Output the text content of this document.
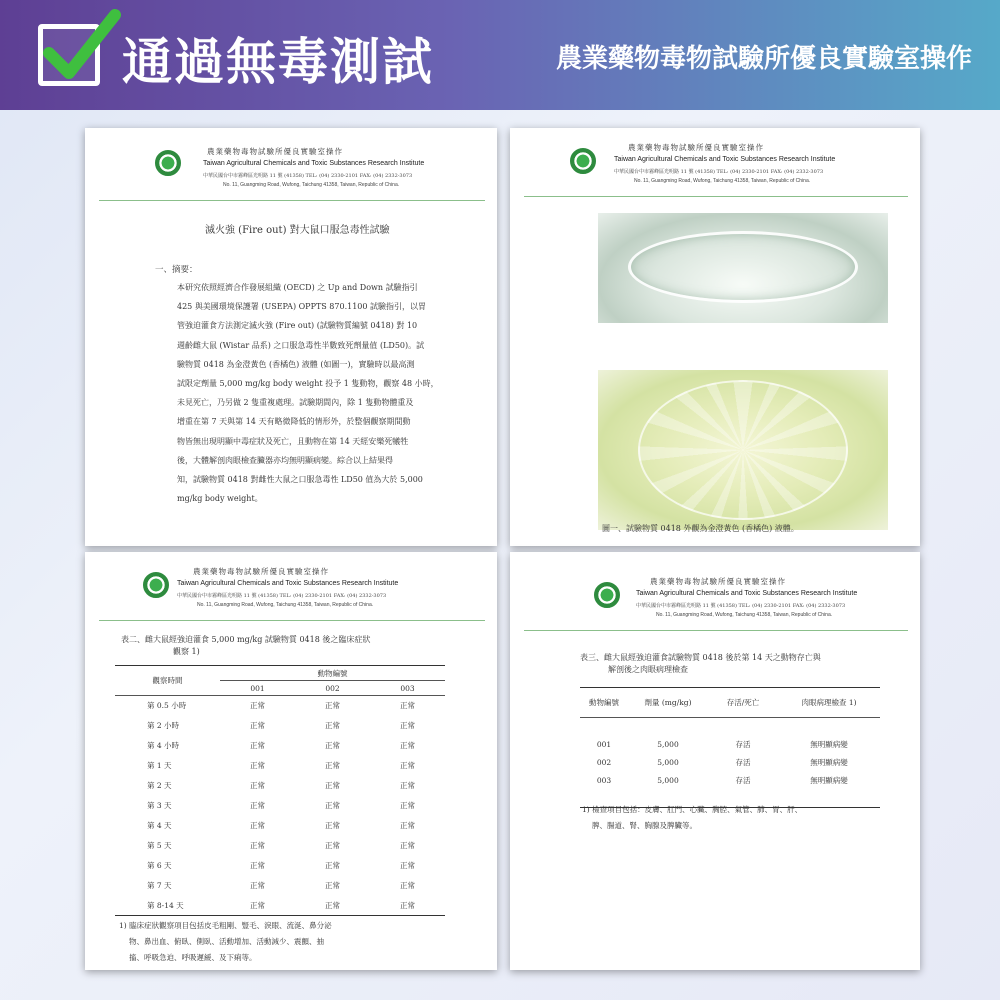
通過無毒測試	農業藥物毒物試驗所優良實驗室操作
農業藥物毒物試驗所優良實驗室操作
Taiwan Agricultural Chemicals and Toxic Substances Research Institute
中華民國台中市霧峰區光明路 11 號 (41358) TEL: (04) 2330-2101 FAX: (04) 2332-3073
No. 11, Guangming Road, Wufong, Taichung 41358, Taiwan, Republic of China.
滅火強 (Fire out) 對大鼠口服急毒性試驗
一、摘要：
本研究依照經濟合作發展組織 (OECD) 之 Up and Down 試驗指引
425 與美國環境保護署 (USEPA) OPPTS 870.1100 試驗指引，以胃
管強迫灌食方法測定滅火強 (Fire out) (試驗物質編號 0418) 對 10
週齡雌大鼠 (Wistar 品系) 之口服急毒性半數致死劑量值 (LD50)。試
驗物質 0418 為金澄黃色 (香橘色) 液體 (如圖一)，實驗時以最高測
試限定劑量 5,000 mg/kg body weight 投予 1 隻動物，觀察 48 小時，
未見死亡，乃另做 2 隻重複處理。試驗期間內，除 1 隻動物體重及
增重在第 7 天與第 14 天有略微降低的情形外，於整個觀察期間動
物皆無出現明顯中毒症狀及死亡，且動物在第 14 天經安樂死犧牲
後，大體解剖肉眼檢查臟器亦均無明顯病變。綜合以上結果得
知，試驗物質 0418 對雌性大鼠之口服急毒性 LD50 值為大於 5,000
mg/kg body weight。
農業藥物毒物試驗所優良實驗室操作
Taiwan Agricultural Chemicals and Toxic Substances Research Institute
中華民國台中市霧峰區光明路 11 號 (41358) TEL: (04) 2330-2101 FAX: (04) 2332-3073
No. 11, Guangming Road, Wufong, Taichung 41358, Taiwan, Republic of China.
圖一、試驗物質 0418 外觀為金澄黃色 (香橘色) 液體。
農業藥物毒物試驗所優良實驗室操作
Taiwan Agricultural Chemicals and Toxic Substances Research Institute
中華民國台中市霧峰區光明路 11 號 (41358) TEL: (04) 2330-2101 FAX: (04) 2332-3073
No. 11, Guangming Road, Wufong, Taichung 41358, Taiwan, Republic of China.
表二、雌大鼠經強迫灌食 5,000 mg/kg 試驗物質 0418 後之臨床症狀
觀察 1)
觀察時間	動物編號		
	001	002	003
第 0.5 小時	正常	正常	正常
第 2 小時	正常	正常	正常
第 4 小時	正常	正常	正常
第 1 天	正常	正常	正常
第 2 天	正常	正常	正常
第 3 天	正常	正常	正常
第 4 天	正常	正常	正常
第 5 天	正常	正常	正常
第 6 天	正常	正常	正常
第 7 天	正常	正常	正常
第 8-14 天	正常	正常	正常
1) 臨床症狀觀察項目包括皮毛粗剛、豎毛、淚眼、流涎、鼻分泌
物、鼻出血、俯臥、側臥、活動增加、活動減少、震顫、抽
搐、呼吸急迫、呼吸遲緩、及下痢等。
農業藥物毒物試驗所優良實驗室操作
Taiwan Agricultural Chemicals and Toxic Substances Research Institute
中華民國台中市霧峰區光明路 11 號 (41358) TEL: (04) 2330-2101 FAX: (04) 2332-3073
No. 11, Guangming Road, Wufong, Taichung 41358, Taiwan, Republic of China.
表三、雌大鼠經強迫灌食試驗物質 0418 後於第 14 天之動物存亡與
解剖後之肉眼病理檢查
動物編號	劑量 (mg/kg)	存活/死亡	肉眼病理檢查 1)

001	5,000	存活	無明顯病變
002	5,000	存活	無明顯病變
003	5,000	存活	無明顯病變

1) 檢查項目包括：皮膚、肛門、心臟、胸腔、氣管、肺、胃、肝、
脾、腸道、腎、胸腺及脾臟等。
